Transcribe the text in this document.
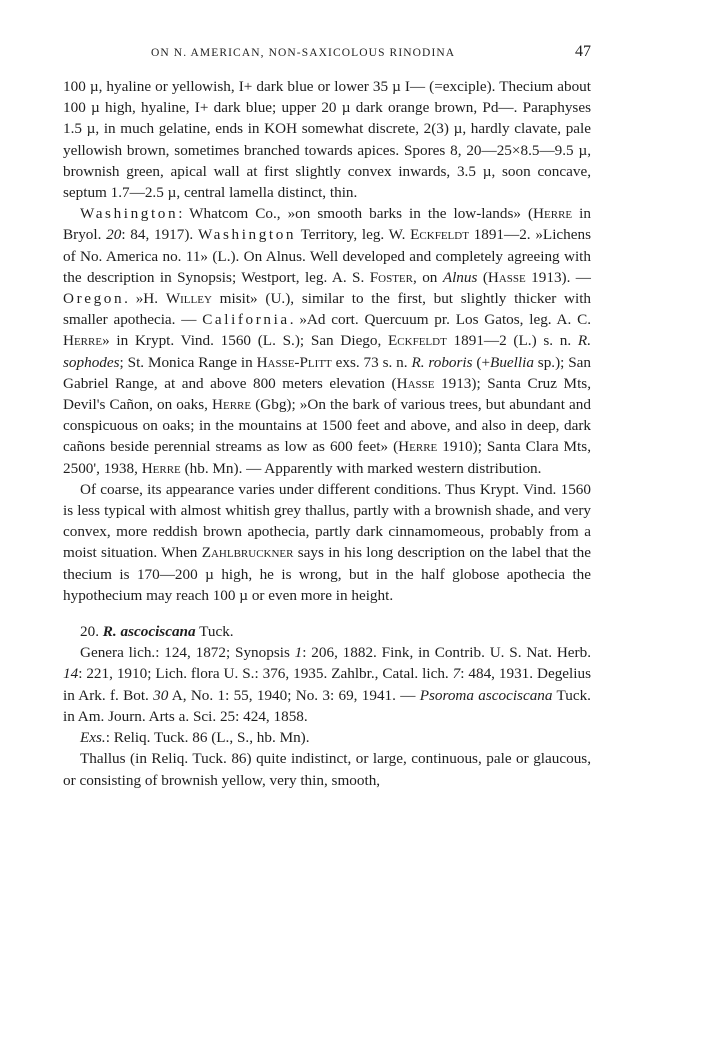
ON N. AMERICAN, NON-SAXICOLOUS RINODINA	47

100 µ, hyaline or yellowish, I+ dark blue or lower 35 µ I— (=exciple). Thecium about 100 µ high, hyaline, I+ dark blue; upper 20 µ dark orange brown, Pd—. Paraphyses 1.5 µ, in much gelatine, ends in KOH somewhat discrete, 2(3) µ, hardly clavate, pale yellowish brown, sometimes branched towards apices. Spores 8, 20—25×8.5—9.5 µ, brownish green, apical wall at first slightly convex inwards, 3.5 µ, soon concave, septum 1.7—2.5 µ, central lamella distinct, thin.

Washington: Whatcom Co., »on smooth barks in the low-lands» (Herre in Bryol. 20: 84, 1917). Washington Territory, leg. W. Eckfeldt 1891—2. »Lichens of No. America no. 11» (L.). On Alnus. Well developed and completely agreeing with the description in Synopsis; Westport, leg. A. S. Foster, on Alnus (Hasse 1913). — Oregon. »H. Willey misit» (U.), similar to the first, but slightly thicker with smaller apothecia. — California. »Ad cort. Quercuum pr. Los Gatos, leg. A. C. Herre» in Krypt. Vind. 1560 (L. S.); San Diego, Eckfeldt 1891—2 (L.) s. n. R. sophodes; St. Monica Range in Hasse-Plitt exs. 73 s. n. R. roboris (+Buellia sp.); San Gabriel Range, at and above 800 meters elevation (Hasse 1913); Santa Cruz Mts, Devil's Cañon, on oaks, Herre (Gbg); »On the bark of various trees, but abundant and conspicuous on oaks; in the mountains at 1500 feet and above, and also in deep, dark cañons beside perennial streams as low as 600 feet» (Herre 1910); Santa Clara Mts, 2500', 1938, Herre (hb. Mn). — Apparently with marked western distribution.

Of coarse, its appearance varies under different conditions. Thus Krypt. Vind. 1560 is less typical with almost whitish grey thallus, partly with a brownish shade, and very convex, more reddish brown apothecia, partly dark cinnamomeous, probably from a moist situation. When Zahlbruckner says in his long description on the label that the thecium is 170—200 µ high, he is wrong, but in the half globose apothecia the hypothecium may reach 100 µ or even more in height.

20. R. ascociscana Tuck.

Genera lich.: 124, 1872; Synopsis 1: 206, 1882. Fink, in Contrib. U. S. Nat. Herb. 14: 221, 1910; Lich. flora U. S.: 376, 1935. Zahlbr., Catal. lich. 7: 484, 1931. Degelius in Ark. f. Bot. 30 A, No. 1: 55, 1940; No. 3: 69, 1941. — Psoroma ascociscana Tuck. in Am. Journ. Arts a. Sci. 25: 424, 1858.

Exs.: Reliq. Tuck. 86 (L., S., hb. Mn).

Thallus (in Reliq. Tuck. 86) quite indistinct, or large, continuous, pale or glaucous, or consisting of brownish yellow, very thin, smooth,
